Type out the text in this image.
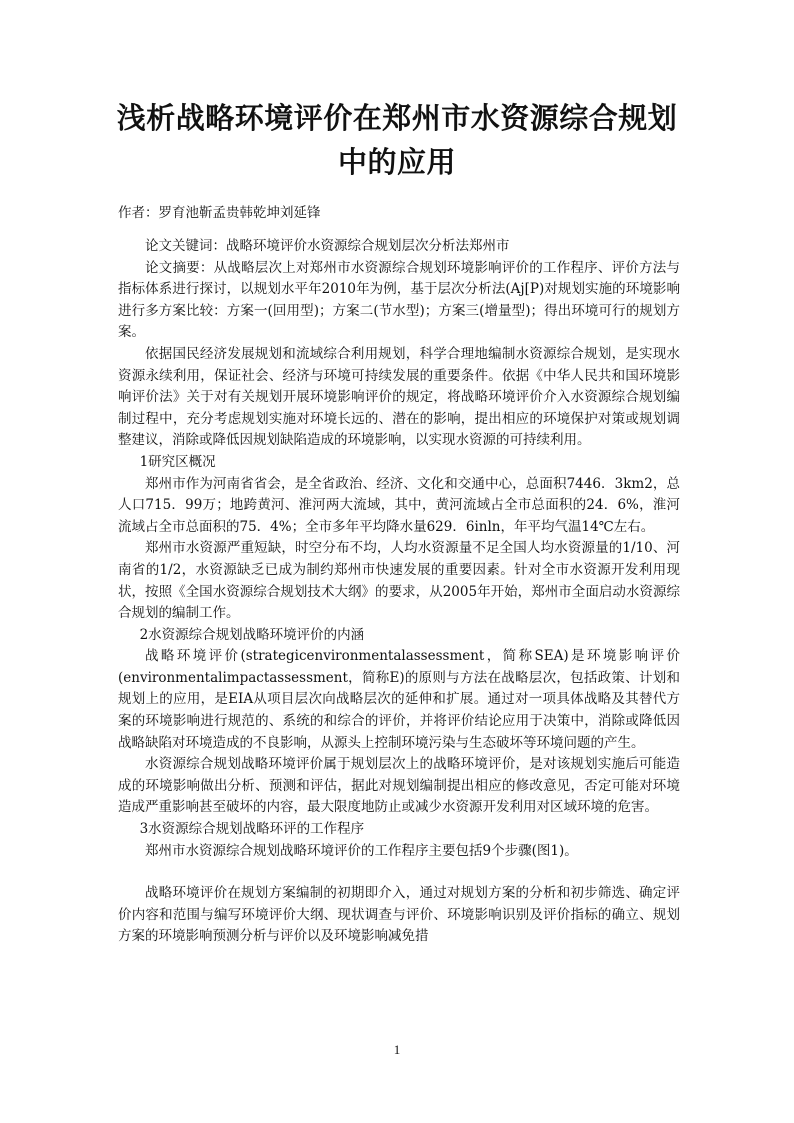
浅析战略环境评价在郑州市水资源综合规划中的应用
作者：罗育池靳孟贵韩乾坤刘延锋

论文关键词：战略环境评价水资源综合规划层次分析法郑州市

论文摘要：从战略层次上对郑州市水资源综合规划环境影响评价的工作程序、评价方法与指标体系进行探讨，以规划水平年2010年为例，基于层次分析法(Aj[P)对规划实施的环境影响进行多方案比较：方案一(回用型)；方案二(节水型)；方案三(增量型)；得出环境可行的规划方案。

依据国民经济发展规划和流域综合利用规划，科学合理地编制水资源综合规划，是实现水资源永续利用，保证社会、经济与环境可持续发展的重要条件。依据《中华人民共和国环境影响评价法》关于对有关规划开展环境影响评价的规定，将战略环境评价介入水资源综合规划编制过程中，充分考虑规划实施对环境长远的、潜在的影响，提出相应的环境保护对策或规划调整建议，消除或降低因规划缺陷造成的环境影响，以实现水资源的可持续利用。

1研究区概况

郑州市作为河南省省会，是全省政治、经济、文化和交通中心，总面积7446．3km2，总人口715．99万；地跨黄河、淮河两大流域，其中，黄河流域占全市总面积的24．6%，淮河流域占全市总面积的75．4%；全市多年平均降水量629．6inln，年平均气温14℃左右。

郑州市水资源严重短缺，时空分布不均，人均水资源量不足全国人均水资源量的1/10、河南省的1/2，水资源缺乏已成为制约郑州市快速发展的重要因素。针对全市水资源开发利用现状，按照《全国水资源综合规划技术大纲》的要求，从2005年开始，郑州市全面启动水资源综合规划的编制工作。

2水资源综合规划战略环境评价的内涵

战略环境评价(strategicenvironmentalassessment，简称SEA)是环境影响评价(environmentalimpactassessment，简称E)的原则与方法在战略层次，包括政策、计划和规划上的应用，是EIA从项目层次向战略层次的延伸和扩展。通过对一项具体战略及其替代方案的环境影响进行规范的、系统的和综合的评价，并将评价结论应用于决策中，消除或降低因战略缺陷对环境造成的不良影响，从源头上控制环境污染与生态破坏等环境问题的产生。

水资源综合规划战略环境评价属于规划层次上的战略环境评价，是对该规划实施后可能造成的环境影响做出分析、预测和评估，据此对规划编制提出相应的修改意见，否定可能对环境造成严重影响甚至破坏的内容，最大限度地防止或减少水资源开发利用对区域环境的危害。

3水资源综合规划战略环评的工作程序

郑州市水资源综合规划战略环境评价的工作程序主要包括9个步骤(图1)。

战略环境评价在规划方案编制的初期即介入，通过对规划方案的分析和初步筛选、确定评价内容和范围与编写环境评价大纲、现状调查与评价、环境影响识别及评价指标的确立、规划方案的环境影响预测分析与评价以及环境影响减免措

1
